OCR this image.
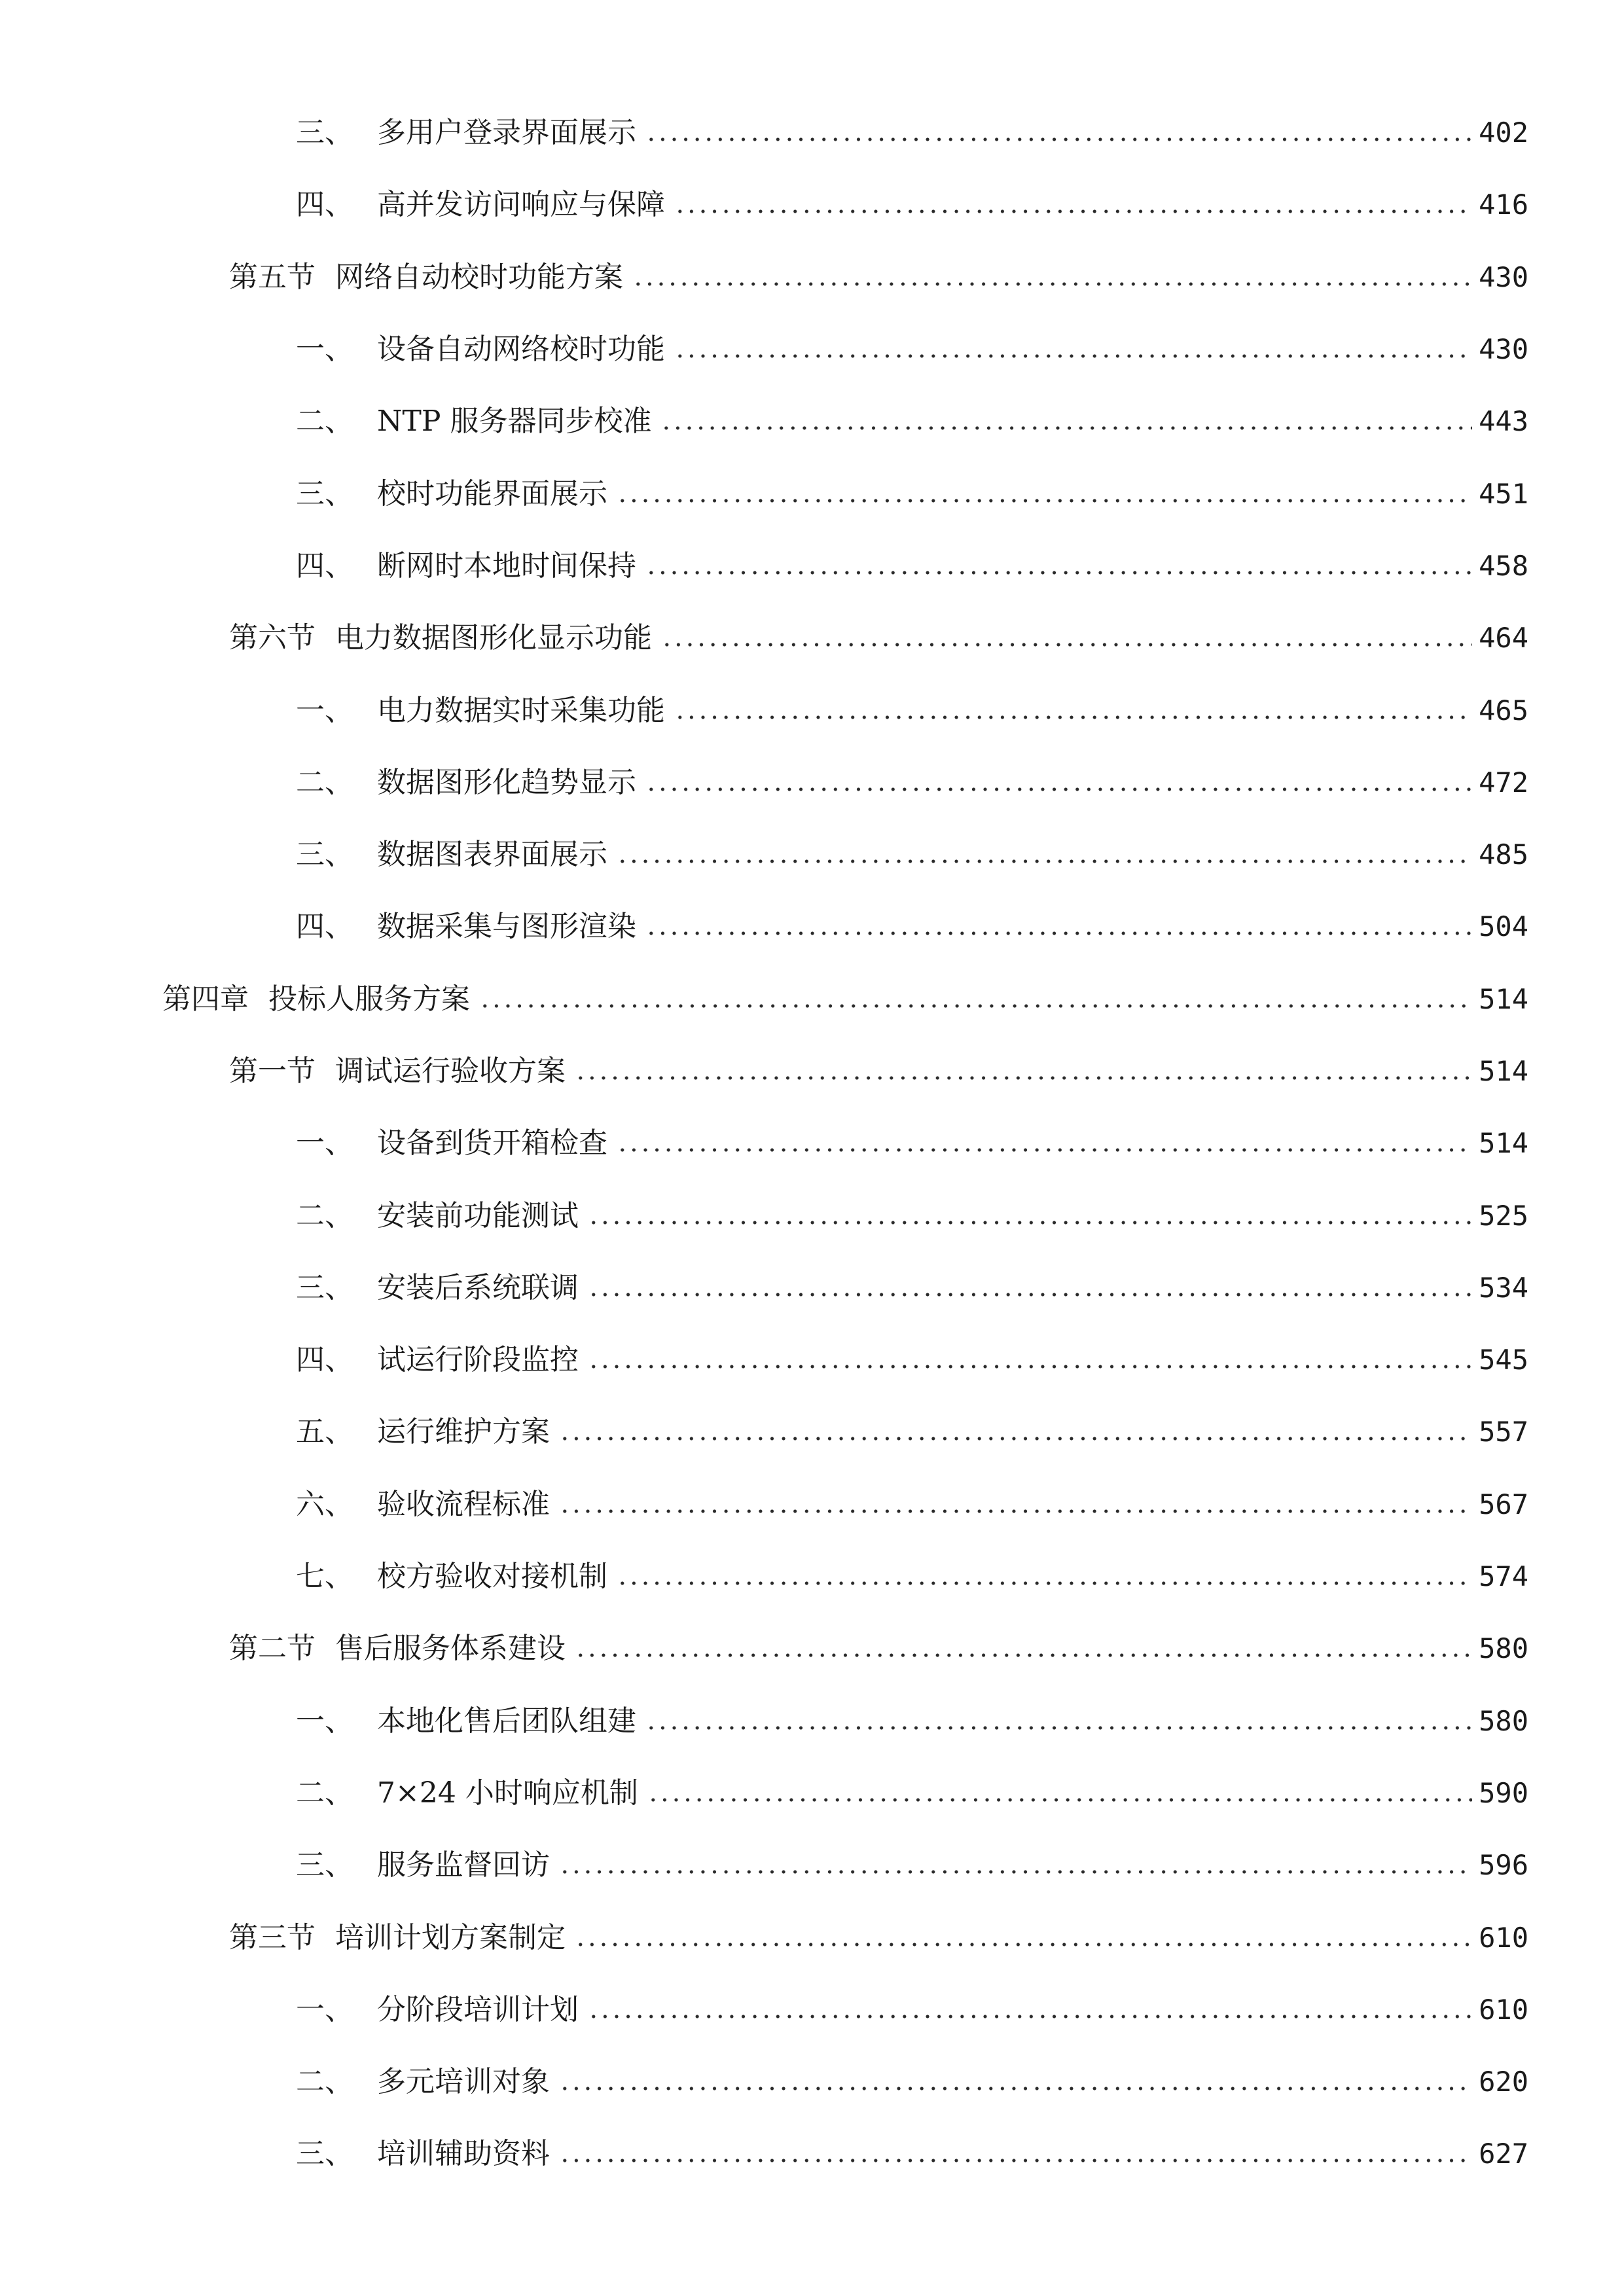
三、 多用户登录界面展示	402
四、 高并发访问响应与保障	416
第五节 网络自动校时功能方案	430
一、 设备自动网络校时功能	430
二、 NTP 服务器同步校准	443
三、 校时功能界面展示	451
四、 断网时本地时间保持	458
第六节 电力数据图形化显示功能	464
一、 电力数据实时采集功能	465
二、 数据图形化趋势显示	472
三、 数据图表界面展示	485
四、 数据采集与图形渲染	504
第四章 投标人服务方案	514
第一节 调试运行验收方案	514
一、 设备到货开箱检查	514
二、 安装前功能测试	525
三、 安装后系统联调	534
四、 试运行阶段监控	545
五、 运行维护方案	557
六、 验收流程标准	567
七、 校方验收对接机制	574
第二节 售后服务体系建设	580
一、 本地化售后团队组建	580
二、 7×24 小时响应机制	590
三、 服务监督回访	596
第三节 培训计划方案制定	610
一、 分阶段培训计划	610
二、 多元培训对象	620
三、 培训辅助资料	627
